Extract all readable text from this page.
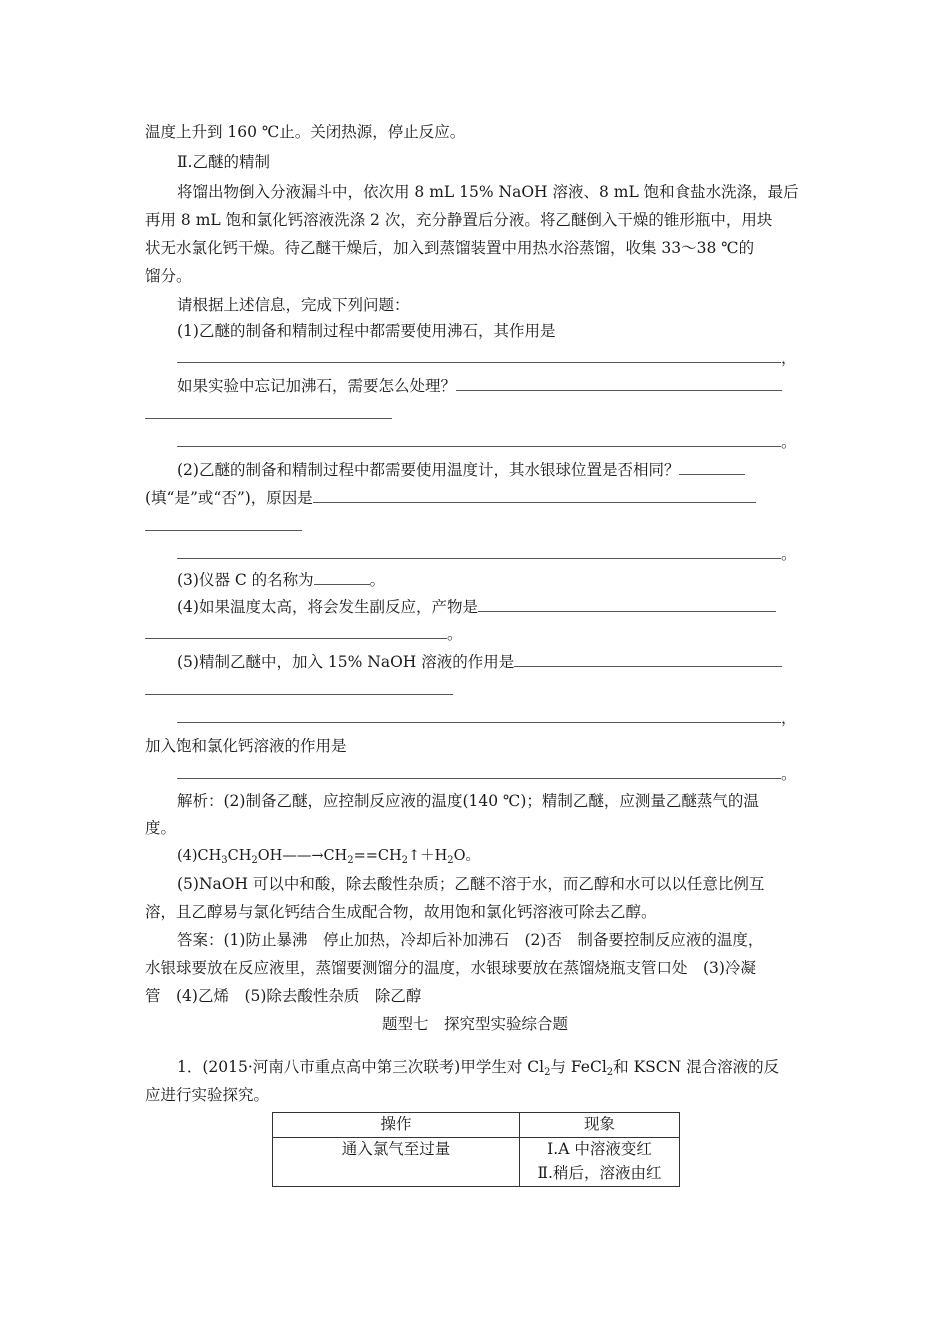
温度上升到 160 ℃止。关闭热源，停止反应。
Ⅱ.乙醚的精制
将馏出物倒入分液漏斗中，依次用 8 mL 15% NaOH 溶液、8 mL 饱和食盐水洗涤，最后
再用 8 mL 饱和氯化钙溶液洗涤 2 次，充分静置后分液。将乙醚倒入干燥的锥形瓶中，用块
状无水氯化钙干燥。待乙醚干燥后，加入到蒸馏装置中用热水浴蒸馏，收集 33～38 ℃的
馏分。
请根据上述信息，完成下列问题：
(1)乙醚的制备和精制过程中都需要使用沸石，其作用是
，
如果实验中忘记加沸石，需要怎么处理？
。
(2)乙醚的制备和精制过程中都需要使用温度计，其水银球位置是否相同？
(填“是”或“否”)，原因是
。
(3)仪器 C 的名称为	。
(4)如果温度太高，将会发生副反应，产物是
。
(5)精制乙醚中，加入 15% NaOH 溶液的作用是
，
加入饱和氯化钙溶液的作用是
。
解析：(2)制备乙醚，应控制反应液的温度(140 ℃)；精制乙醚，应测量乙醚蒸气的温
度。
$(4)CH_3CH_2OH——\to CH_2==CH_2↑+H_2O$。
(5)NaOH 可以中和酸，除去酸性杂质；乙醚不溶于水，而乙醇和水可以以任意比例互
溶，且乙醇易与氯化钙结合生成配合物，故用饱和氯化钙溶液可除去乙醇。
答案：(1)防止暴沸　停止加热，冷却后补加沸石　(2)否　制备要控制反应液的温度，
水银球要放在反应液里，蒸馏要测馏分的温度，水银球要放在蒸馏烧瓶支管口处　(3)冷凝
管　(4)乙烯　(5)除去酸性杂质　除乙醇
题型七　探究型实验综合题
1．(2015·河南八市重点高中第三次联考)甲学生对 $Cl_2$与 FeCl$_2$和 KSCN 混合溶液的反
应进行实验探究。
操作	现象
通入氯气至过量	Ⅰ.A 中溶液变红
	Ⅱ.稍后，溶液由红
